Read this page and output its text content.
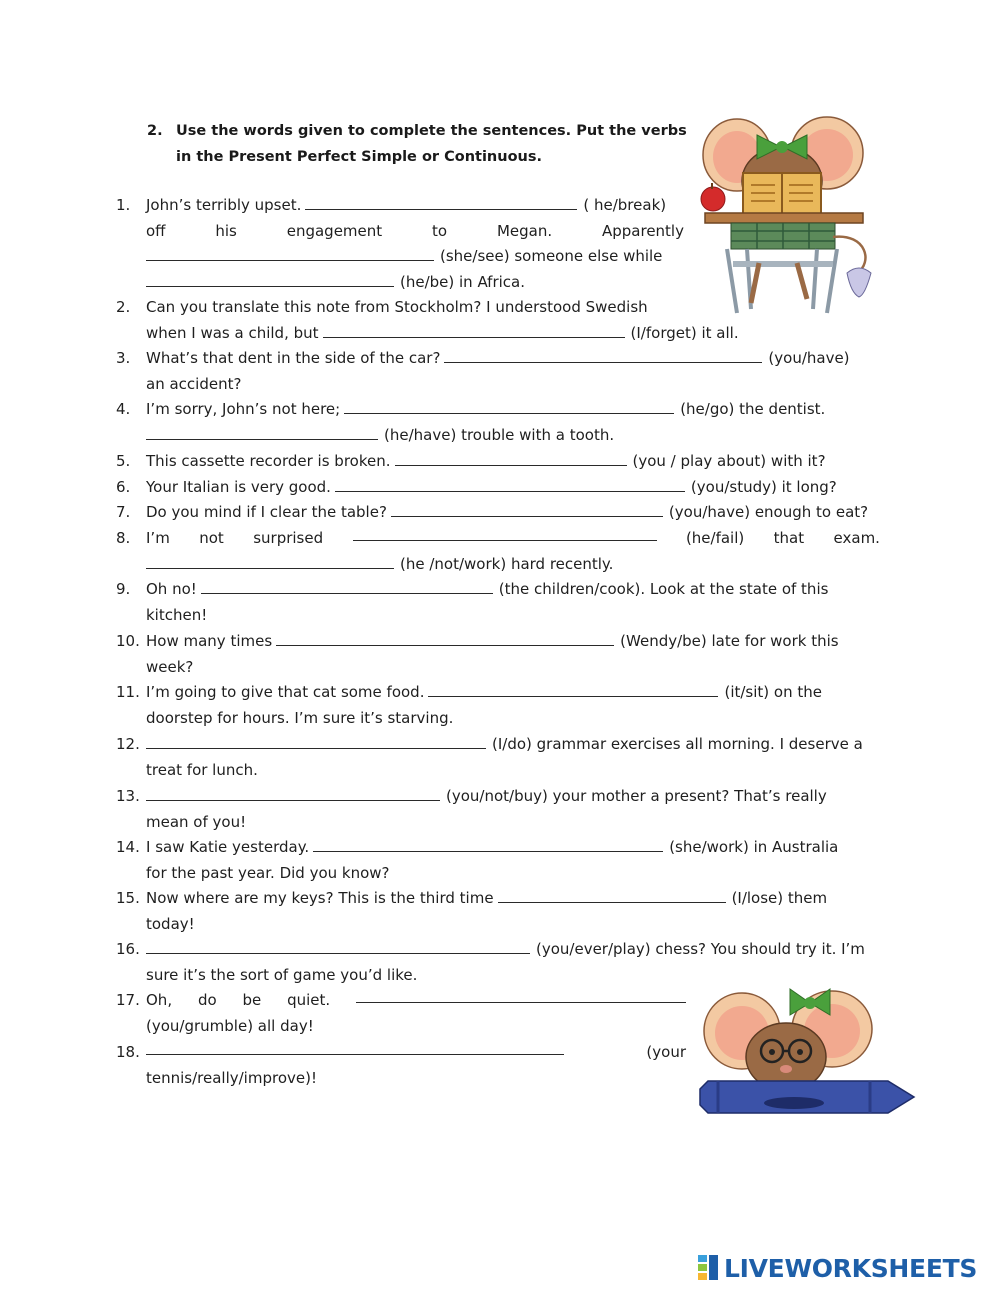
2. Use the words given to complete the sentences. Put the verbs in the Present Perfect Simple or Continuous.
1.	John’s terribly upset.	( he/break)
off	his	engagement	to	Megan.	Apparently
(she/see) someone else while
(he/be) in Africa.
2.	Can you translate this note from Stockholm? I understood Swedish
when I was a child, but	(I/forget) it all.
3.	What’s that dent in the side of the car?	(you/have)
an accident?
4.	I’m sorry, John’s not here;	(he/go) the dentist.
(he/have) trouble with a tooth.
5.	This cassette recorder is broken.	(you / play about) with it?
6.	Your Italian is very good.	(you/study) it long?
7.	Do you mind if I clear the table?	(you/have) enough to eat?
8.	I’m not surprised	(he/fail) that exam.
(he /not/work) hard recently.
9.	Oh no!	(the children/cook). Look at the state of this
kitchen!
10. How many times	(Wendy/be) late for work this
week?
11. I’m going to give that cat some food.	(it/sit) on the
doorstep for hours. I’m sure it’s starving.
12.	(I/do) grammar exercises all morning. I deserve a
treat for lunch.
13.	(you/not/buy) your mother a present? That’s really
mean of you!
14. I saw Katie yesterday.	(she/work) in Australia
for the past year. Did you know?
15. Now where are my keys? This is the third time	(I/lose) them
today!
16.	(you/ever/play) chess? You should try it. I’m
sure it’s the sort of game you’d like.
17. Oh, do be quiet.
(you/grumble) all day!
18.	(your
tennis/really/improve)!
LIVEWORKSHEETS
